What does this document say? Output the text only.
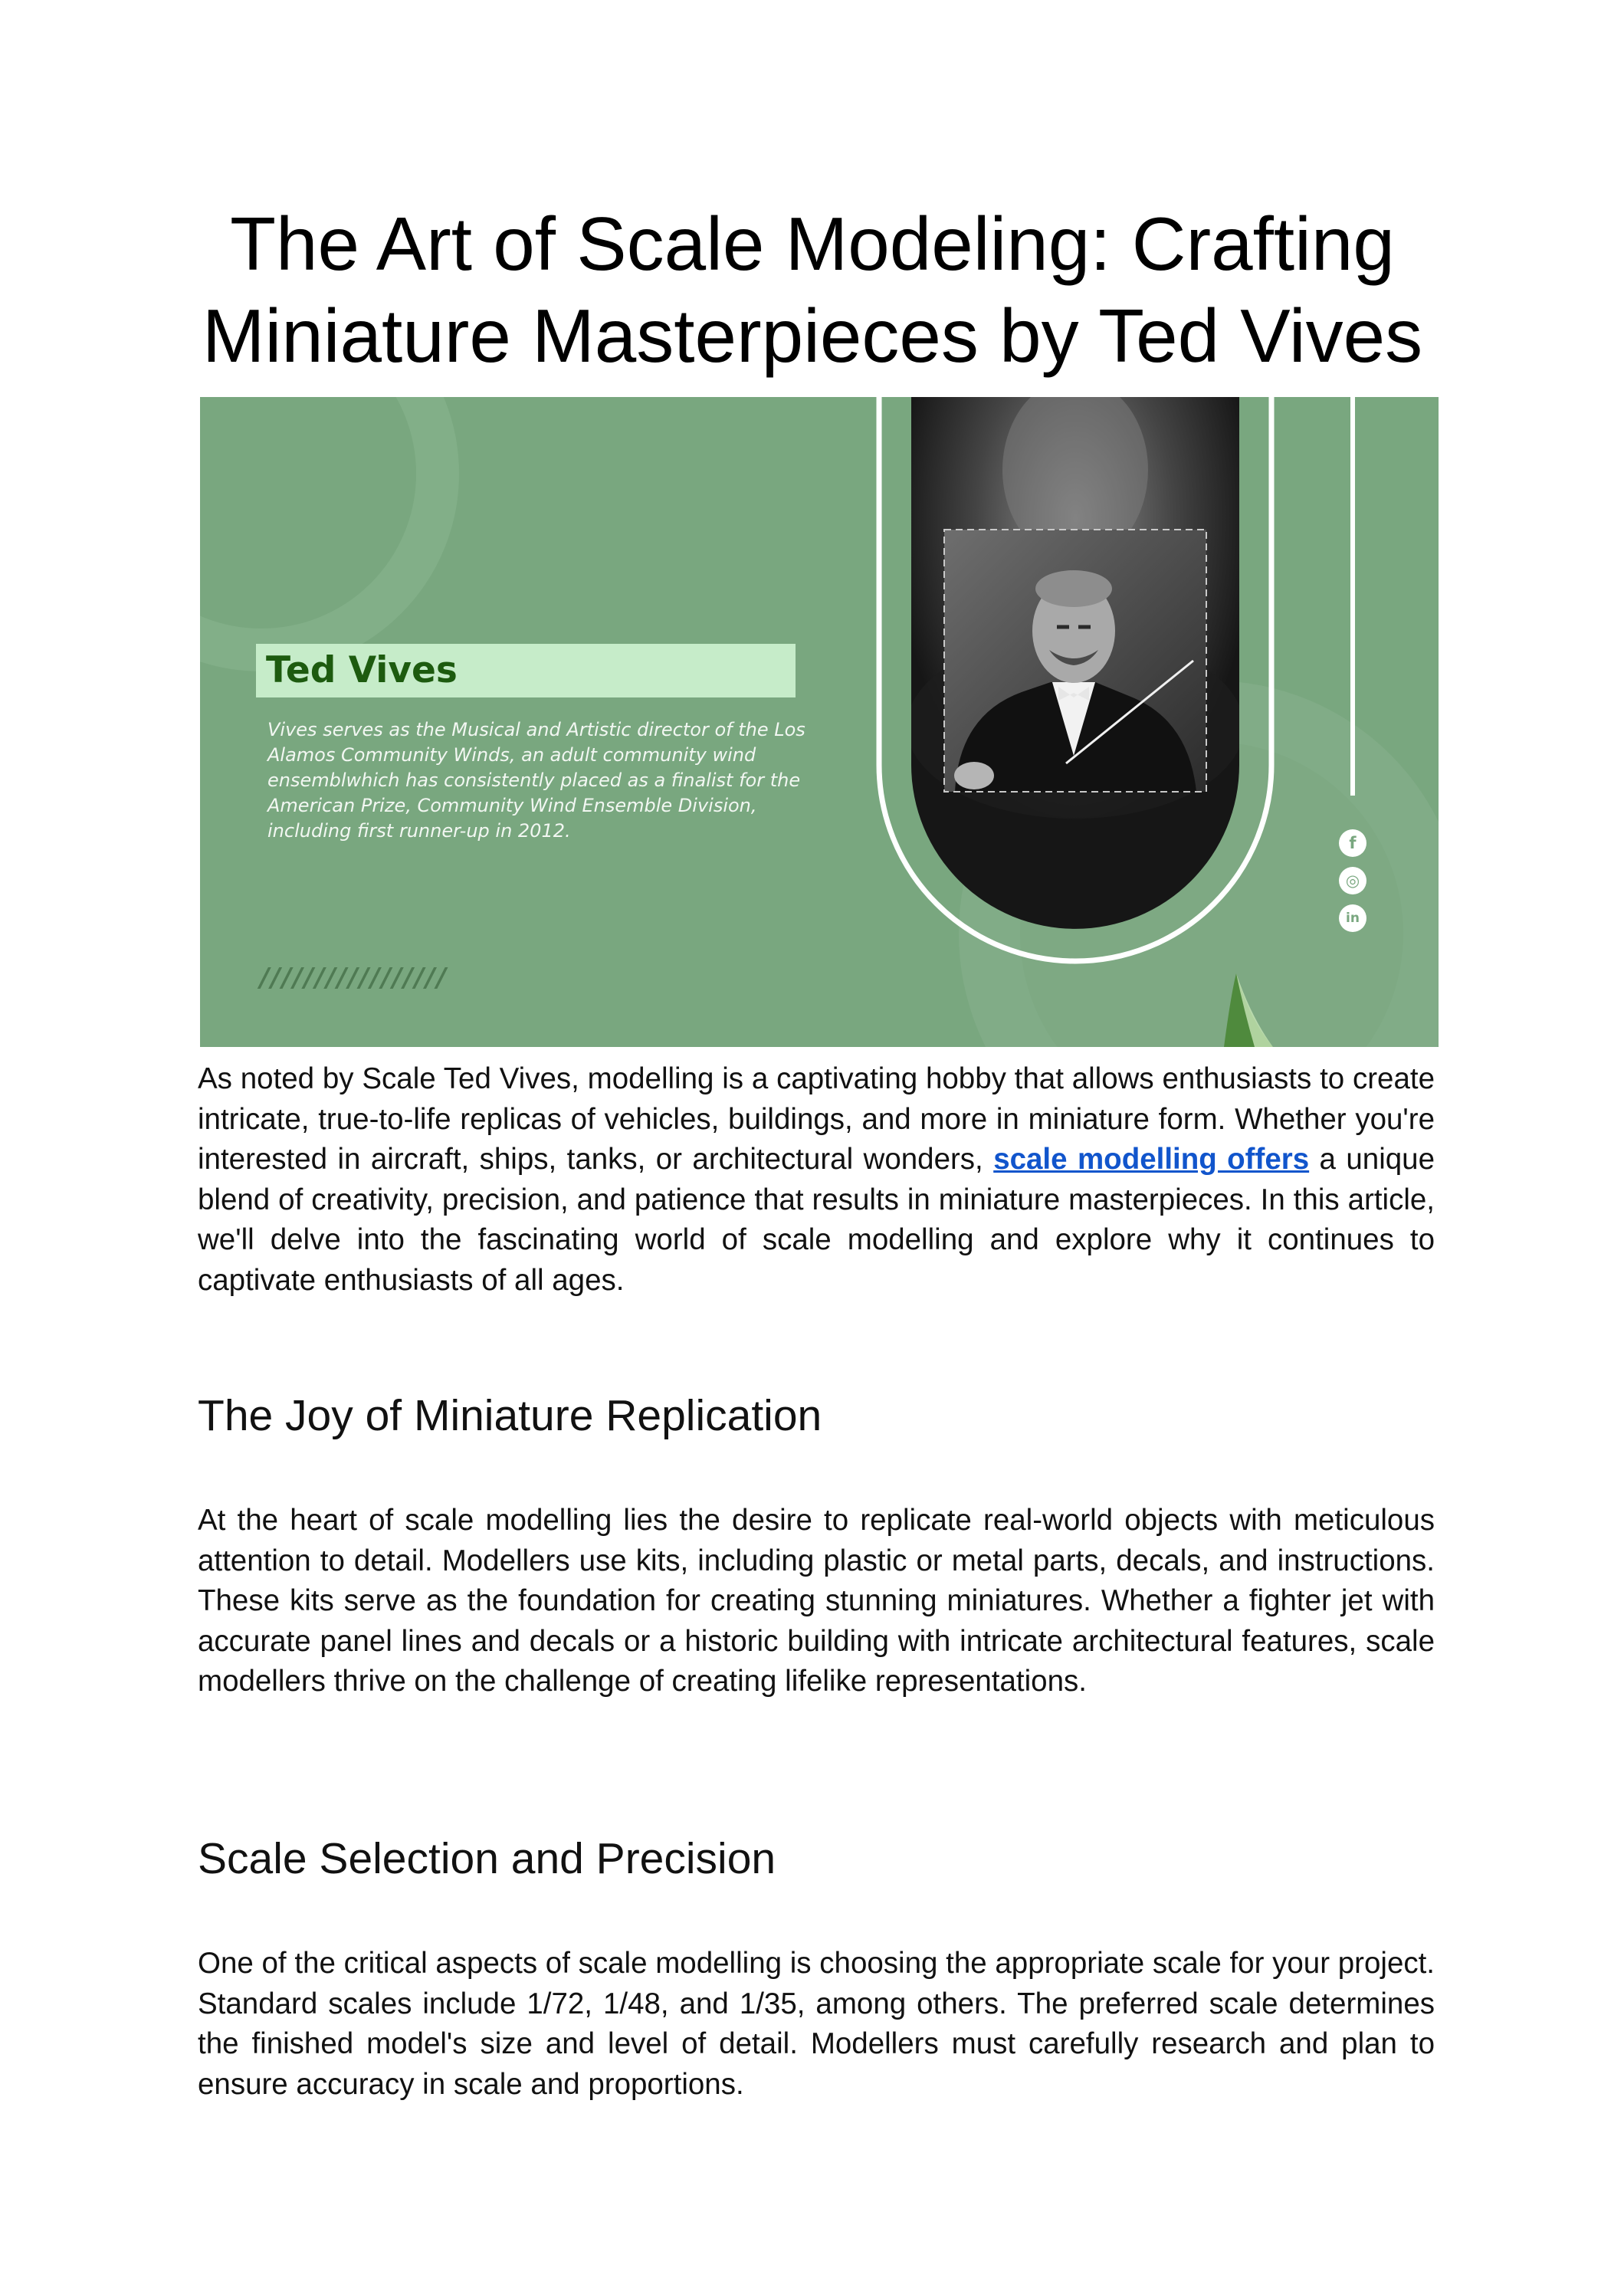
The Art of Scale Modeling: Crafting Miniature Masterpieces by Ted Vives

Ted Vives

Vives serves as the Musical and Artistic director of the Los Alamos Community Winds, an adult community wind ensemblwhich has consistently placed as a finalist for the American Prize, Community Wind Ensemble Division, including first runner-up in 2012.

/////////////////
f
◎
in

As noted by Scale Ted Vives, modelling is a captivating hobby that allows enthusiasts to create intricate, true-to-life replicas of vehicles, buildings, and more in miniature form. Whether you're interested in aircraft, ships, tanks, or architectural wonders, scale modelling offers a unique blend of creativity, precision, and patience that results in miniature masterpieces. In this article, we'll delve into the fascinating world of scale modelling and explore why it continues to captivate enthusiasts of all ages.

The Joy of Miniature Replication

At the heart of scale modelling lies the desire to replicate real-world objects with meticulous attention to detail. Modellers use kits, including plastic or metal parts, decals, and instructions. These kits serve as the foundation for creating stunning miniatures. Whether a fighter jet with accurate panel lines and decals or a historic building with intricate architectural features, scale modellers thrive on the challenge of creating lifelike representations.

Scale Selection and Precision

One of the critical aspects of scale modelling is choosing the appropriate scale for your project. Standard scales include 1/72, 1/48, and 1/35, among others. The preferred scale determines the finished model's size and level of detail. Modellers must carefully research and plan to ensure accuracy in scale and proportions.
